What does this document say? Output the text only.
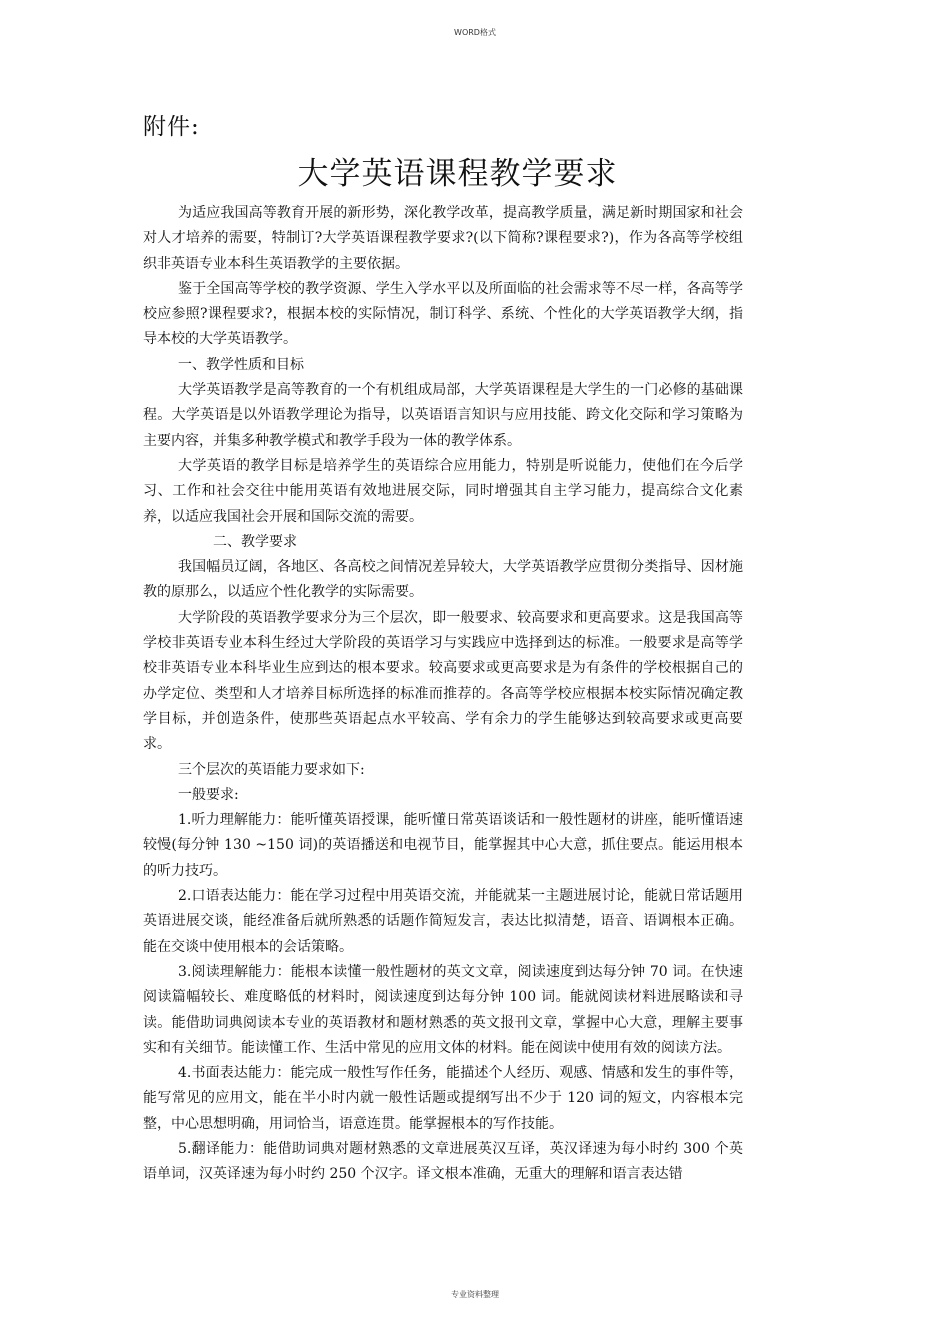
WORD格式
附件:
大学英语课程教学要求

为适应我国高等教育开展的新形势，深化教学改革，提高教学质量，满足新时期国家和社会对人才培养的需要，特制订?大学英语课程教学要求?(以下简称?课程要求?)，作为各高等学校组织非英语专业本科生英语教学的主要依据。

鉴于全国高等学校的教学资源、学生入学水平以及所面临的社会需求等不尽一样，各高等学校应参照?课程要求?，根据本校的实际情况，制订科学、系统、个性化的大学英语教学大纲，指导本校的大学英语教学。

一、教学性质和目标

大学英语教学是高等教育的一个有机组成局部，大学英语课程是大学生的一门必修的基础课程。大学英语是以外语教学理论为指导，以英语语言知识与应用技能、跨文化交际和学习策略为主要内容，并集多种教学模式和教学手段为一体的教学体系。

大学英语的教学目标是培养学生的英语综合应用能力，特别是听说能力，使他们在今后学习、工作和社会交往中能用英语有效地进展交际，同时增强其自主学习能力，提高综合文化素养，以适应我国社会开展和国际交流的需要。

二、教学要求

我国幅员辽阔，各地区、各高校之间情况差异较大，大学英语教学应贯彻分类指导、因材施教的原那么，以适应个性化教学的实际需要。

大学阶段的英语教学要求分为三个层次，即一般要求、较高要求和更高要求。这是我国高等学校非英语专业本科生经过大学阶段的英语学习与实践应中选择到达的标准。一般要求是高等学校非英语专业本科毕业生应到达的根本要求。较高要求或更高要求是为有条件的学校根据自己的办学定位、类型和人才培养目标所选择的标准而推荐的。各高等学校应根据本校实际情况确定教学目标，并创造条件，使那些英语起点水平较高、学有余力的学生能够达到较高要求或更高要求。

三个层次的英语能力要求如下:

一般要求:

1.听力理解能力：能听懂英语授课，能听懂日常英语谈话和一般性题材的讲座，能听懂语速较慢(每分钟 130 ~150 词)的英语播送和电视节目，能掌握其中心大意，抓住要点。能运用根本的听力技巧。

2.口语表达能力：能在学习过程中用英语交流，并能就某一主题进展讨论，能就日常话题用英语进展交谈，能经准备后就所熟悉的话题作简短发言，表达比拟清楚，语音、语调根本正确。能在交谈中使用根本的会话策略。

3.阅读理解能力：能根本读懂一般性题材的英文文章，阅读速度到达每分钟 70 词。在快速阅读篇幅较长、难度略低的材料时，阅读速度到达每分钟 100 词。能就阅读材料进展略读和寻读。能借助词典阅读本专业的英语教材和题材熟悉的英文报刊文章，掌握中心大意，理解主要事实和有关细节。能读懂工作、生活中常见的应用文体的材料。能在阅读中使用有效的阅读方法。

4.书面表达能力：能完成一般性写作任务，能描述个人经历、观感、情感和发生的事件等，能写常见的应用文，能在半小时内就一般性话题或提纲写出不少于 120 词的短文，内容根本完整，中心思想明确，用词恰当，语意连贯。能掌握根本的写作技能。

5.翻译能力：能借助词典对题材熟悉的文章进展英汉互译，英汉译速为每小时约 300 个英语单词，汉英译速为每小时约 250 个汉字。译文根本准确，无重大的理解和语言表达错

专业资料整理
